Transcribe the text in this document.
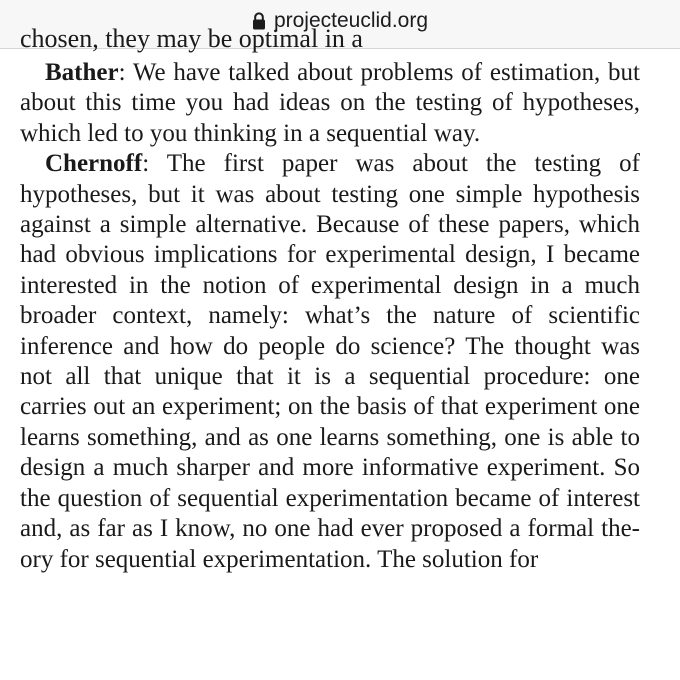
projecteuclid.org
chosen, they may be optimal in a

Bather: We have talked about problems of estimation, but about this time you had ideas on the testing of hypotheses, which led to you thinking in a sequential way.

Chernoff: The first paper was about the testing of hypotheses, but it was about testing one simple hypothesis against a simple alternative. Because of these papers, which had obvious implications for experimental design, I became interested in the notion of experimental design in a much broader context, namely: what’s the nature of scientific inference and how do people do science? The thought was not all that unique that it is a sequential procedure: one carries out an experiment; on the basis of that experiment one learns something, and as one learns something, one is able to design a much sharper and more informative experiment. So the question of sequential experimentation became of interest and, as far as I know, no one had ever proposed a formal theory for sequential experimentation. The solution for
